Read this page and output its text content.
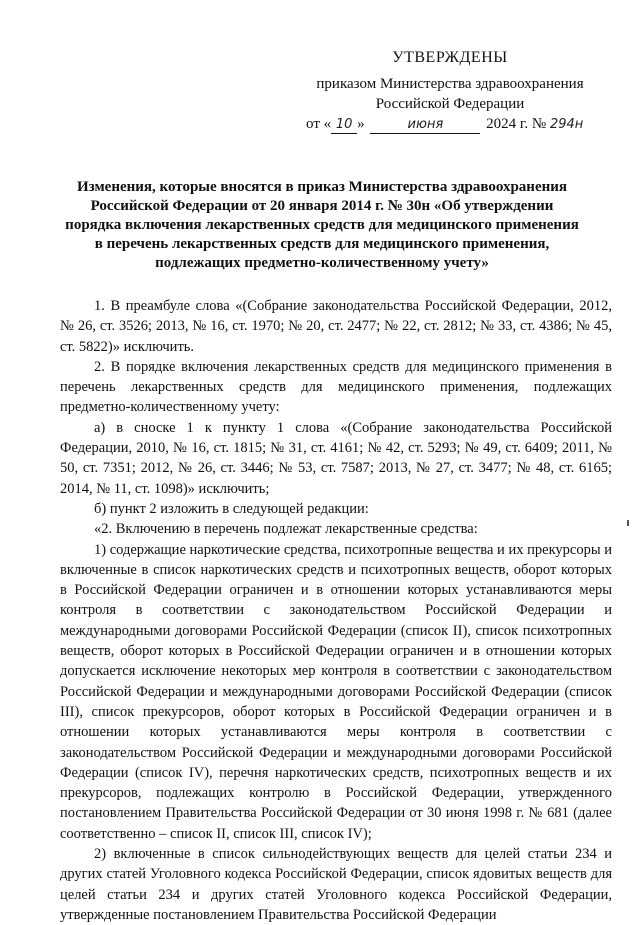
УТВЕРЖДЕНЫ
приказом Министерства здравоохранения
Российской Федерации
от « 10 »	июня	2024 г. № 294н
Изменения, которые вносятся в приказ Министерства здравоохранения Российской Федерации от 20 января 2014 г. № 30н «Об утверждении порядка включения лекарственных средств для медицинского применения в перечень лекарственных средств для медицинского применения, подлежащих предметно-количественному учету»

1. В преамбуле слова «(Собрание законодательства Российской Федерации, 2012, № 26, ст. 3526; 2013, № 16, ст. 1970; № 20, ст. 2477; № 22, ст. 2812; № 33, ст. 4386; № 45, ст. 5822)» исключить.

2. В порядке включения лекарственных средств для медицинского применения в перечень лекарственных средств для медицинского применения, подлежащих предметно-количественному учету:

а) в сноске 1 к пункту 1 слова «(Собрание законодательства Российской Федерации, 2010, № 16, ст. 1815; № 31, ст. 4161; № 42, ст. 5293; № 49, ст. 6409; 2011, № 50, ст. 7351; 2012, № 26, ст. 3446; № 53, ст. 7587; 2013, № 27, ст. 3477; № 48, ст. 6165; 2014, № 11, ст. 1098)» исключить;

б) пункт 2 изложить в следующей редакции:

«2. Включению в перечень подлежат лекарственные средства:

1) содержащие наркотические средства, психотропные вещества и их прекурсоры и включенные в список наркотических средств и психотропных веществ, оборот которых в Российской Федерации ограничен и в отношении которых устанавливаются меры контроля в соответствии с законодательством Российской Федерации и международными договорами Российской Федерации (список II), список психотропных веществ, оборот которых в Российской Федерации ограничен и в отношении которых допускается исключение некоторых мер контроля в соответствии с законодательством Российской Федерации и международными договорами Российской Федерации (список III), список прекурсоров, оборот которых в Российской Федерации ограничен и в отношении которых устанавливаются меры контроля в соответствии с законодательством Российской Федерации и международными договорами Российской Федерации (список IV), перечня наркотических средств, психотропных веществ и их прекурсоров, подлежащих контролю в Российской Федерации, утвержденного постановлением Правительства Российской Федерации от 30 июня 1998 г. № 681 (далее соответственно – список II, список III, список IV);

2) включенные в список сильнодействующих веществ для целей статьи 234 и других статей Уголовного кодекса Российской Федерации, список ядовитых веществ для целей статьи 234 и других статей Уголовного кодекса Российской Федерации, утвержденные постановлением Правительства Российской Федерации
